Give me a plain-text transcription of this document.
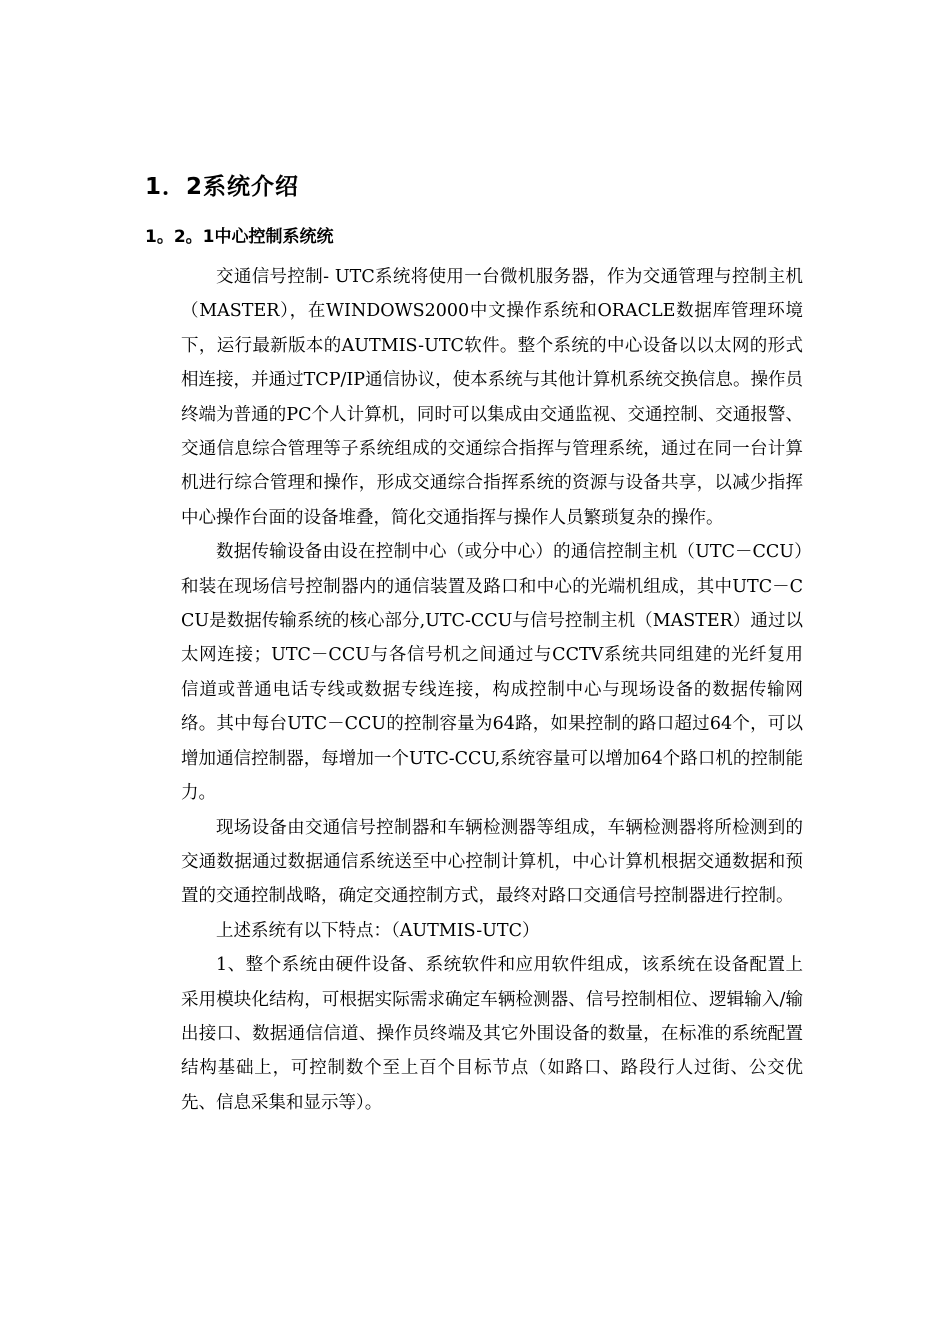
1．2系统介绍
1。2。1中心控制系统统

交通信号控制- UTC系统将使用一台微机服务器，作为交通管理与控制主机（MASTER），在WINDOWS2000中文操作系统和ORACLE数据库管理环境下，运行最新版本的AUTMIS-UTC软件。整个系统的中心设备以以太网的形式相连接，并通过TCP/IP通信协议，使本系统与其他计算机系统交换信息。操作员终端为普通的PC个人计算机，同时可以集成由交通监视、交通控制、交通报警、交通信息综合管理等子系统组成的交通综合指挥与管理系统，通过在同一台计算机进行综合管理和操作，形成交通综合指挥系统的资源与设备共享，以减少指挥中心操作台面的设备堆叠，简化交通指挥与操作人员繁琐复杂的操作。

数据传输设备由设在控制中心（或分中心）的通信控制主机（UTC－CCU）和装在现场信号控制器内的通信装置及路口和中心的光端机组成，其中UTC－CCU是数据传输系统的核心部分,UTC-CCU与信号控制主机（MASTER）通过以太网连接；UTC－CCU与各信号机之间通过与CCTV系统共同组建的光纤复用信道或普通电话专线或数据专线连接，构成控制中心与现场设备的数据传输网络。其中每台UTC－CCU的控制容量为64路，如果控制的路口超过64个，可以增加通信控制器，每增加一个UTC-CCU,系统容量可以增加64个路口机的控制能力。

现场设备由交通信号控制器和车辆检测器等组成，车辆检测器将所检测到的交通数据通过数据通信系统送至中心控制计算机，中心计算机根据交通数据和预置的交通控制战略，确定交通控制方式，最终对路口交通信号控制器进行控制。

上述系统有以下特点：（AUTMIS-UTC）

1、整个系统由硬件设备、系统软件和应用软件组成，该系统在设备配置上采用模块化结构，可根据实际需求确定车辆检测器、信号控制相位、逻辑输入/输出接口、数据通信信道、操作员终端及其它外围设备的数量，在标准的系统配置结构基础上，可控制数个至上百个目标节点（如路口、路段行人过街、公交优先、信息采集和显示等）。
